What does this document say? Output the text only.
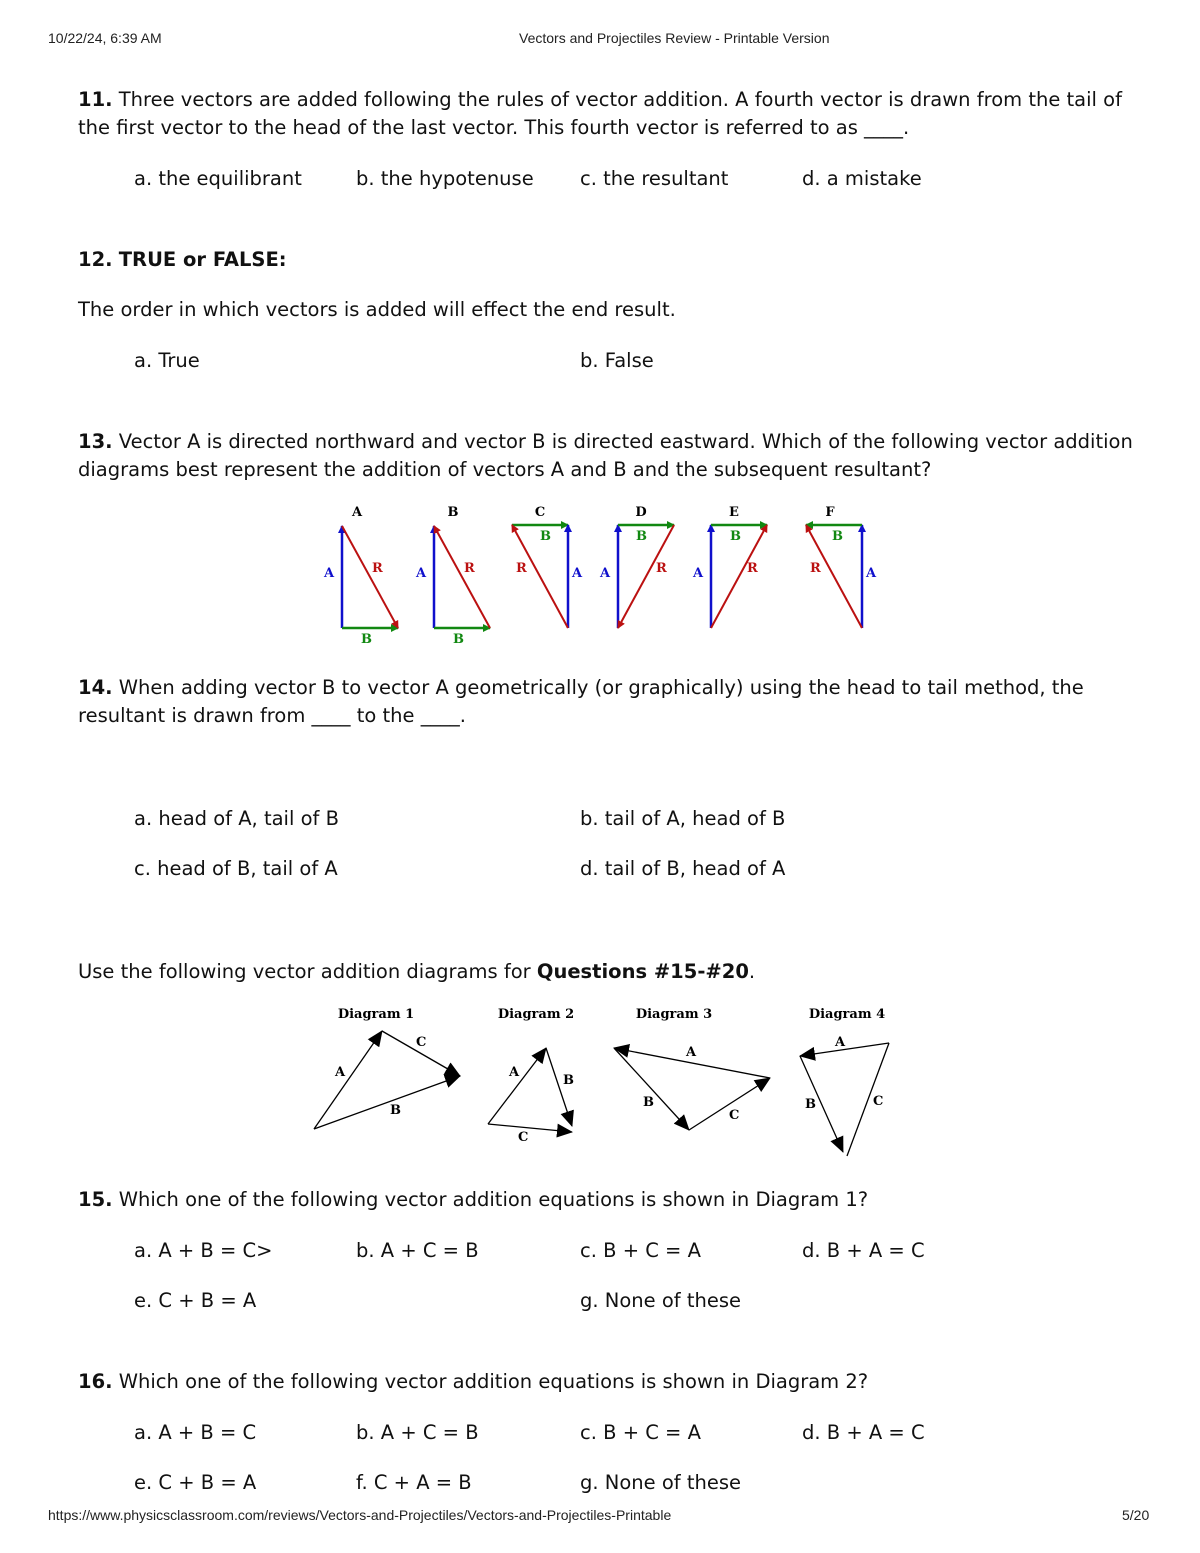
10/22/24, 6:39 AM	Vectors and Projectiles Review - Printable Version
11. Three vectors are added following the rules of vector addition. A fourth vector is drawn from the tail of the first vector to the head of the last vector. This fourth vector is referred to as ____.
a. the equilibrant	b. the hypotenuse c. the resultant	d. a mistake
12. TRUE or FALSE:
The order in which vectors is added will effect the end result.
a. True	b. False
13. Vector A is directed northward and vector B is directed eastward. Which of the following vector addition diagrams best represent the addition of vectors A and B and the subsequent resultant?
A
A
B
R
B
A
B
R
C
B
A
R
D
B
A	R
E
B
A	R
F
B
A
R
14. When adding vector B to vector A geometrically (or graphically) using the head to tail method, the resultant is drawn from ____ to the ____.
a. head of A, tail of B	b. tail of A, head of B
c. head of B, tail of A	d. tail of B, head of A
Use the following vector addition diagrams for Questions #15-#20.
Diagram 1	Diagram 2	Diagram 3	Diagram 4
A
B
C
A
B
C
A
B
C
A
B	C
15. Which one of the following vector addition equations is shown in Diagram 1?
a. A + B = C>	b. A + C = B	c. B + C = A	d. B + A = C
e. C + B = A	g. None of these
16. Which one of the following vector addition equations is shown in Diagram 2?
a. A + B = C	b. A + C = B	c. B + C = A	d. B + A = C
e. C + B = A	f. C + A = B	g. None of these
https://www.physicsclassroom.com/reviews/Vectors-and-Projectiles/Vectors-and-Projectiles-Printable	5/20
